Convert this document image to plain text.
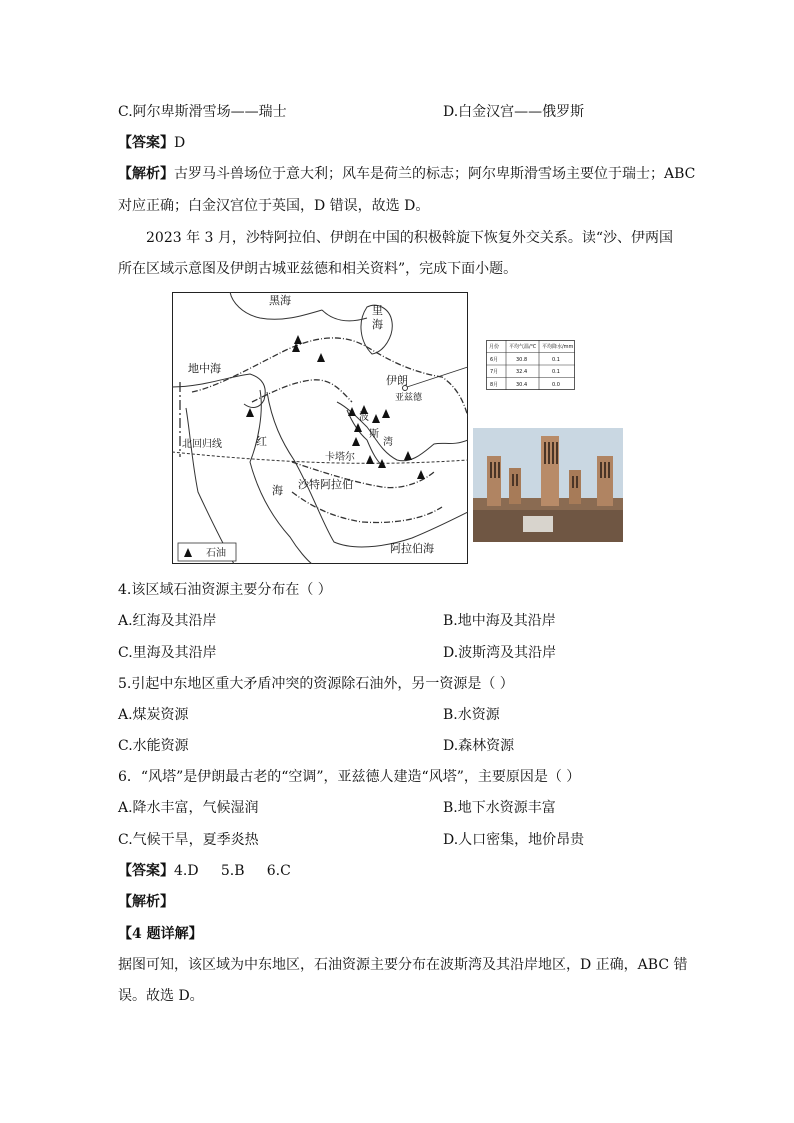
C.阿尔卑斯滑雪场——瑞士	D.白金汉宫——俄罗斯
【答案】D
【解析】古罗马斗兽场位于意大利；风车是荷兰的标志；阿尔卑斯滑雪场主要位于瑞士；ABC
对应正确；白金汉宫位于英国，D 错误，故选 D。
2023 年 3 月，沙特阿拉伯、伊朗在中国的积极斡旋下恢复外交关系。读“沙、伊两国
所在区域示意图及伊朗古城亚兹德和相关资料”，完成下面小题。
黑海
里
海
地中海
伊朗
亚兹德
波
斯
湾
北回归线	红
海
卡塔尔
沙特阿拉伯
阿拉伯海
石油
月份 平均气温/℃ 平均降水/mm
6月	30.8	0.1
7月	32.4	0.1
8月	30.4	0.0
4.该区域石油资源主要分布在（ ）
A.红海及其沿岸	B.地中海及其沿岸
C.里海及其沿岸	D.波斯湾及其沿岸
5.引起中东地区重大矛盾冲突的资源除石油外，另一资源是（ ）
A.煤炭资源	B.水资源
C.水能资源	D.森林资源
6．“风塔”是伊朗最古老的“空调”，亚兹德人建造“风塔”，主要原因是（ ）
A.降水丰富，气候湿润	B.地下水资源丰富
C.气候干旱，夏季炎热	D.人口密集，地价昂贵
【答案】4.D     5.B     6.C
【解析】
【4 题详解】
据图可知，该区域为中东地区，石油资源主要分布在波斯湾及其沿岸地区，D 正确，ABC 错
误。故选 D。
